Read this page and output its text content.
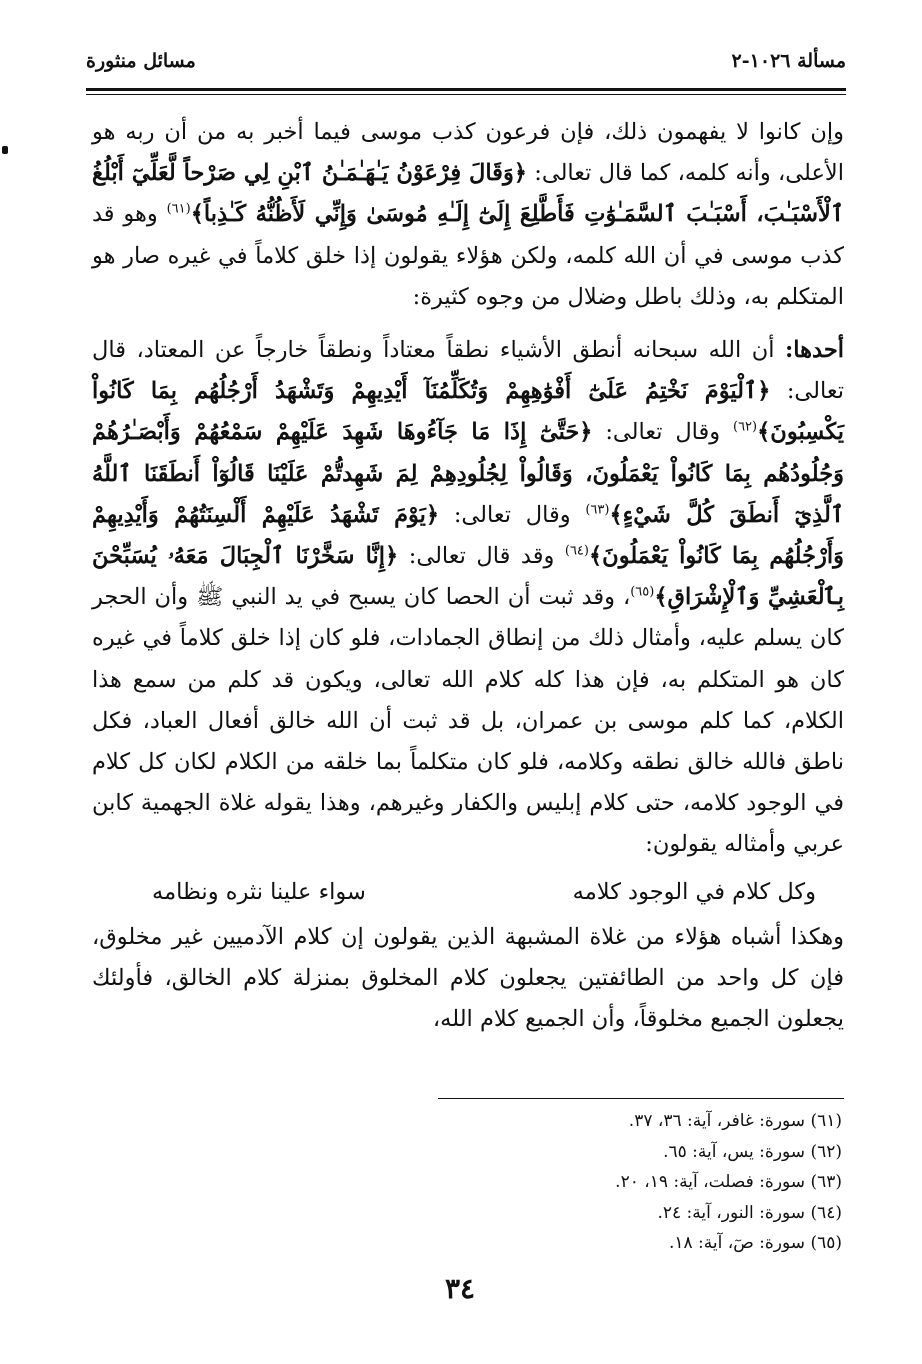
مسألة ١٠٢٦-٢
مسائل منثورة

وإن كانوا لا يفهمون ذلك، فإن فرعون كذب موسى فيما أخبر به من أن ربه هو الأعلى، وأنه كلمه، كما قال تعالى: ﴿وَقَالَ فِرْعَوْنُ يَـٰهَـٰمَـٰنُ ٱبْنِ لِي صَرْحاً لَّعَلِّيٓ أَبْلُغُ ٱلْأَسْبَـٰبَ، أَسْبَـٰبَ ٱلسَّمَـٰوَٰتِ فَأَطَّلِعَ إِلَىٰٓ إِلَـٰهِ مُوسَىٰ وَإِنِّي لَأَظُنُّهُ كَـٰذِباً﴾$^{(٦١)}$ وهو قد كذب موسى في أن الله كلمه، ولكن هؤلاء يقولون إذا خلق كلاماً في غيره صار هو المتكلم به، وذلك باطل وضلال من وجوه كثيرة:

أحدها: أن الله سبحانه أنطق الأشياء نطقاً معتاداً ونطقاً خارجاً عن المعتاد، قال تعالى: ﴿ٱلْيَوْمَ نَخْتِمُ عَلَىٰٓ أَفْوَٰهِهِمْ وَتُكَلِّمُنَآ أَيْدِيهِمْ وَتَشْهَدُ أَرْجُلُهُم بِمَا كَانُواْ يَكْسِبُونَ﴾$^{(٦٢)}$ وقال تعالى: ﴿حَتَّىٰٓ إِذَا مَا جَآءُوهَا شَهِدَ عَلَيْهِمْ سَمْعُهُمْ وَأَبْصَـٰرُهُمْ وَجُلُودُهُم بِمَا كَانُواْ يَعْمَلُونَ، وَقَالُواْ لِجُلُودِهِمْ لِمَ شَهِدتُّمْ عَلَيْنَا قَالُوٓاْ أَنطَقَنَا ٱللَّهُ ٱلَّذِيٓ أَنطَقَ كُلَّ شَيْءٍ﴾$^{(٦٣)}$ وقال تعالى: ﴿يَوْمَ تَشْهَدُ عَلَيْهِمْ أَلْسِنَتُهُمْ وَأَيْدِيهِمْ وَأَرْجُلُهُم بِمَا كَانُواْ يَعْمَلُونَ﴾$^{(٦٤)}$ وقد قال تعالى: ﴿إِنَّا سَخَّرْنَا ٱلْجِبَالَ مَعَهُۥ يُسَبِّحْنَ بِٱلْعَشِيِّ وَٱلْإِشْرَاقِ﴾$^{(٦٥)}$، وقد ثبت أن الحصا كان يسبح في يد النبي ﷺ وأن الحجر كان يسلم عليه، وأمثال ذلك من إنطاق الجمادات، فلو كان إذا خلق كلاماً في غيره كان هو المتكلم به، فإن هذا كله كلام الله تعالى، ويكون قد كلم من سمع هذا الكلام، كما كلم موسى بن عمران، بل قد ثبت أن الله خالق أفعال العباد، فكل ناطق فالله خالق نطقه وكلامه، فلو كان متكلماً بما خلقه من الكلام لكان كل كلام في الوجود كلامه، حتى كلام إبليس والكفار وغيرهم، وهذا يقوله غلاة الجهمية كابن عربي وأمثاله يقولون:

وكل كلام في الوجود كلامه
سواء علينا نثره ونظامه

وهكذا أشباه هؤلاء من غلاة المشبهة الذين يقولون إن كلام الآدميين غير مخلوق، فإن كل واحد من الطائفتين يجعلون كلام المخلوق بمنزلة كلام الخالق، فأولئك يجعلون الجميع مخلوقاً، وأن الجميع كلام الله،

(٦١) سورة: غافر، آية: ٣٦، ٣٧.
(٦٢) سورة: يس، آية: ٦٥.
(٦٣) سورة: فصلت، آية: ١٩، ٢٠.
(٦٤) سورة: النور، آية: ٢٤.
(٦٥) سورة: صٓ، آية: ١٨.
٣٤
